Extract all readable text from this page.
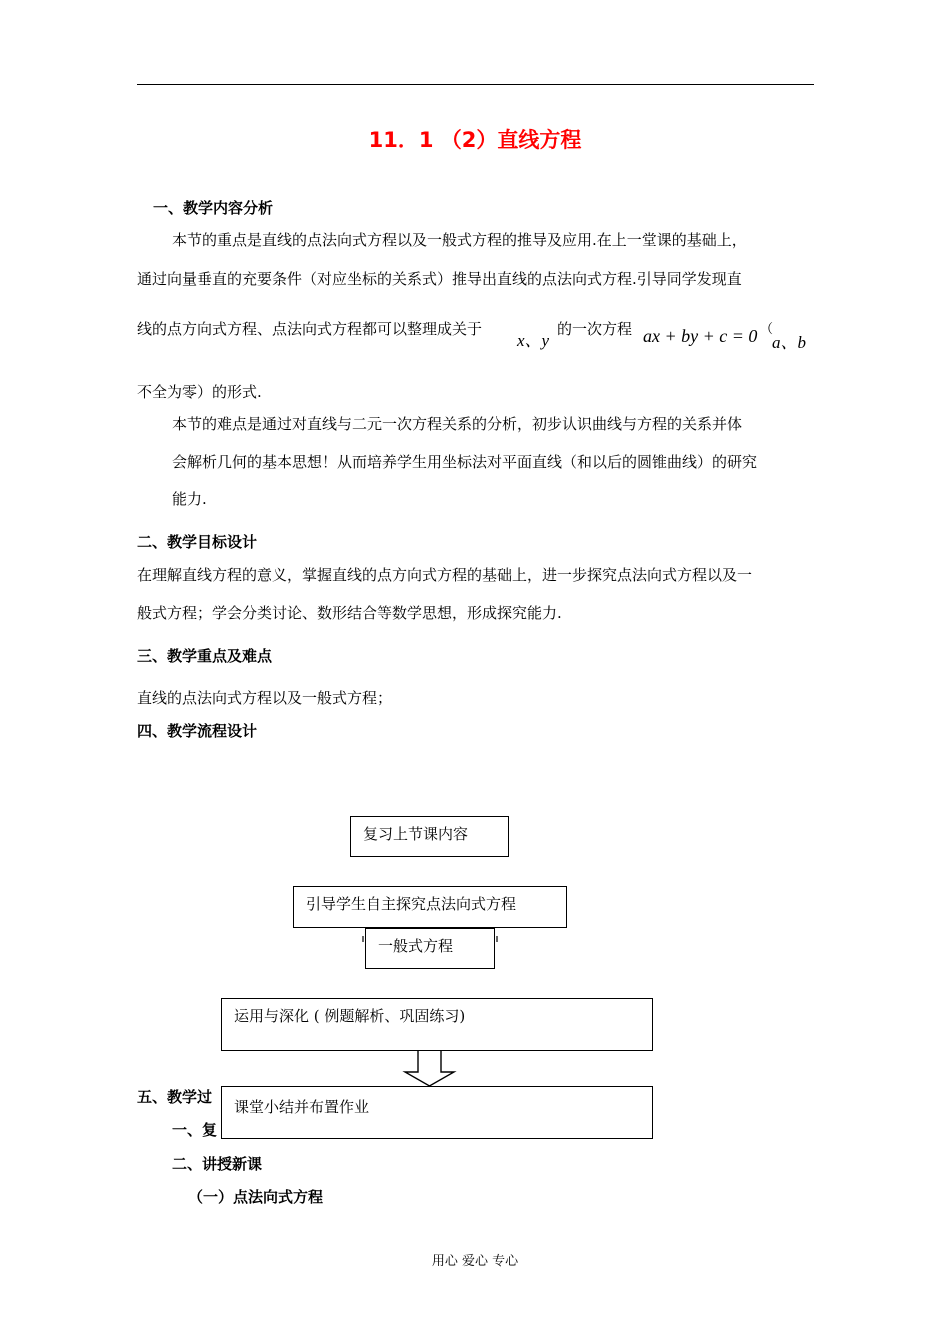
11．1 （2）直线方程
一、教学内容分析
本节的重点是直线的点法向式方程以及一般式方程的推导及应用.在上一堂课的基础上，
通过向量垂直的充要条件（对应坐标的关系式）推导出直线的点法向式方程.引导同学发现直
线的点方向式方程、点法向式方程都可以整理成关于
x、y
的一次方程 ax + by + c = 0 （
a、b
不全为零）的形式.
本节的难点是通过对直线与二元一次方程关系的分析，初步认识曲线与方程的关系并体
会解析几何的基本思想！从而培养学生用坐标法对平面直线（和以后的圆锥曲线）的研究
能力.
二、教学目标设计
在理解直线方程的意义，掌握直线的点方向式方程的基础上，进一步探究点法向式方程以及一
般式方程；学会分类讨论、数形结合等数学思想，形成探究能力.
三、教学重点及难点
直线的点法向式方程以及一般式方程；
四、教学流程设计
五、教学过
一、复
二、讲授新课
（一）点法向式方程
复习上节课内容
引导学生自主探究点法向式方程
一般式方程
运用与深化 ( 例题解析、巩固练习)
课堂小结并布置作业
用心 爱心 专心
